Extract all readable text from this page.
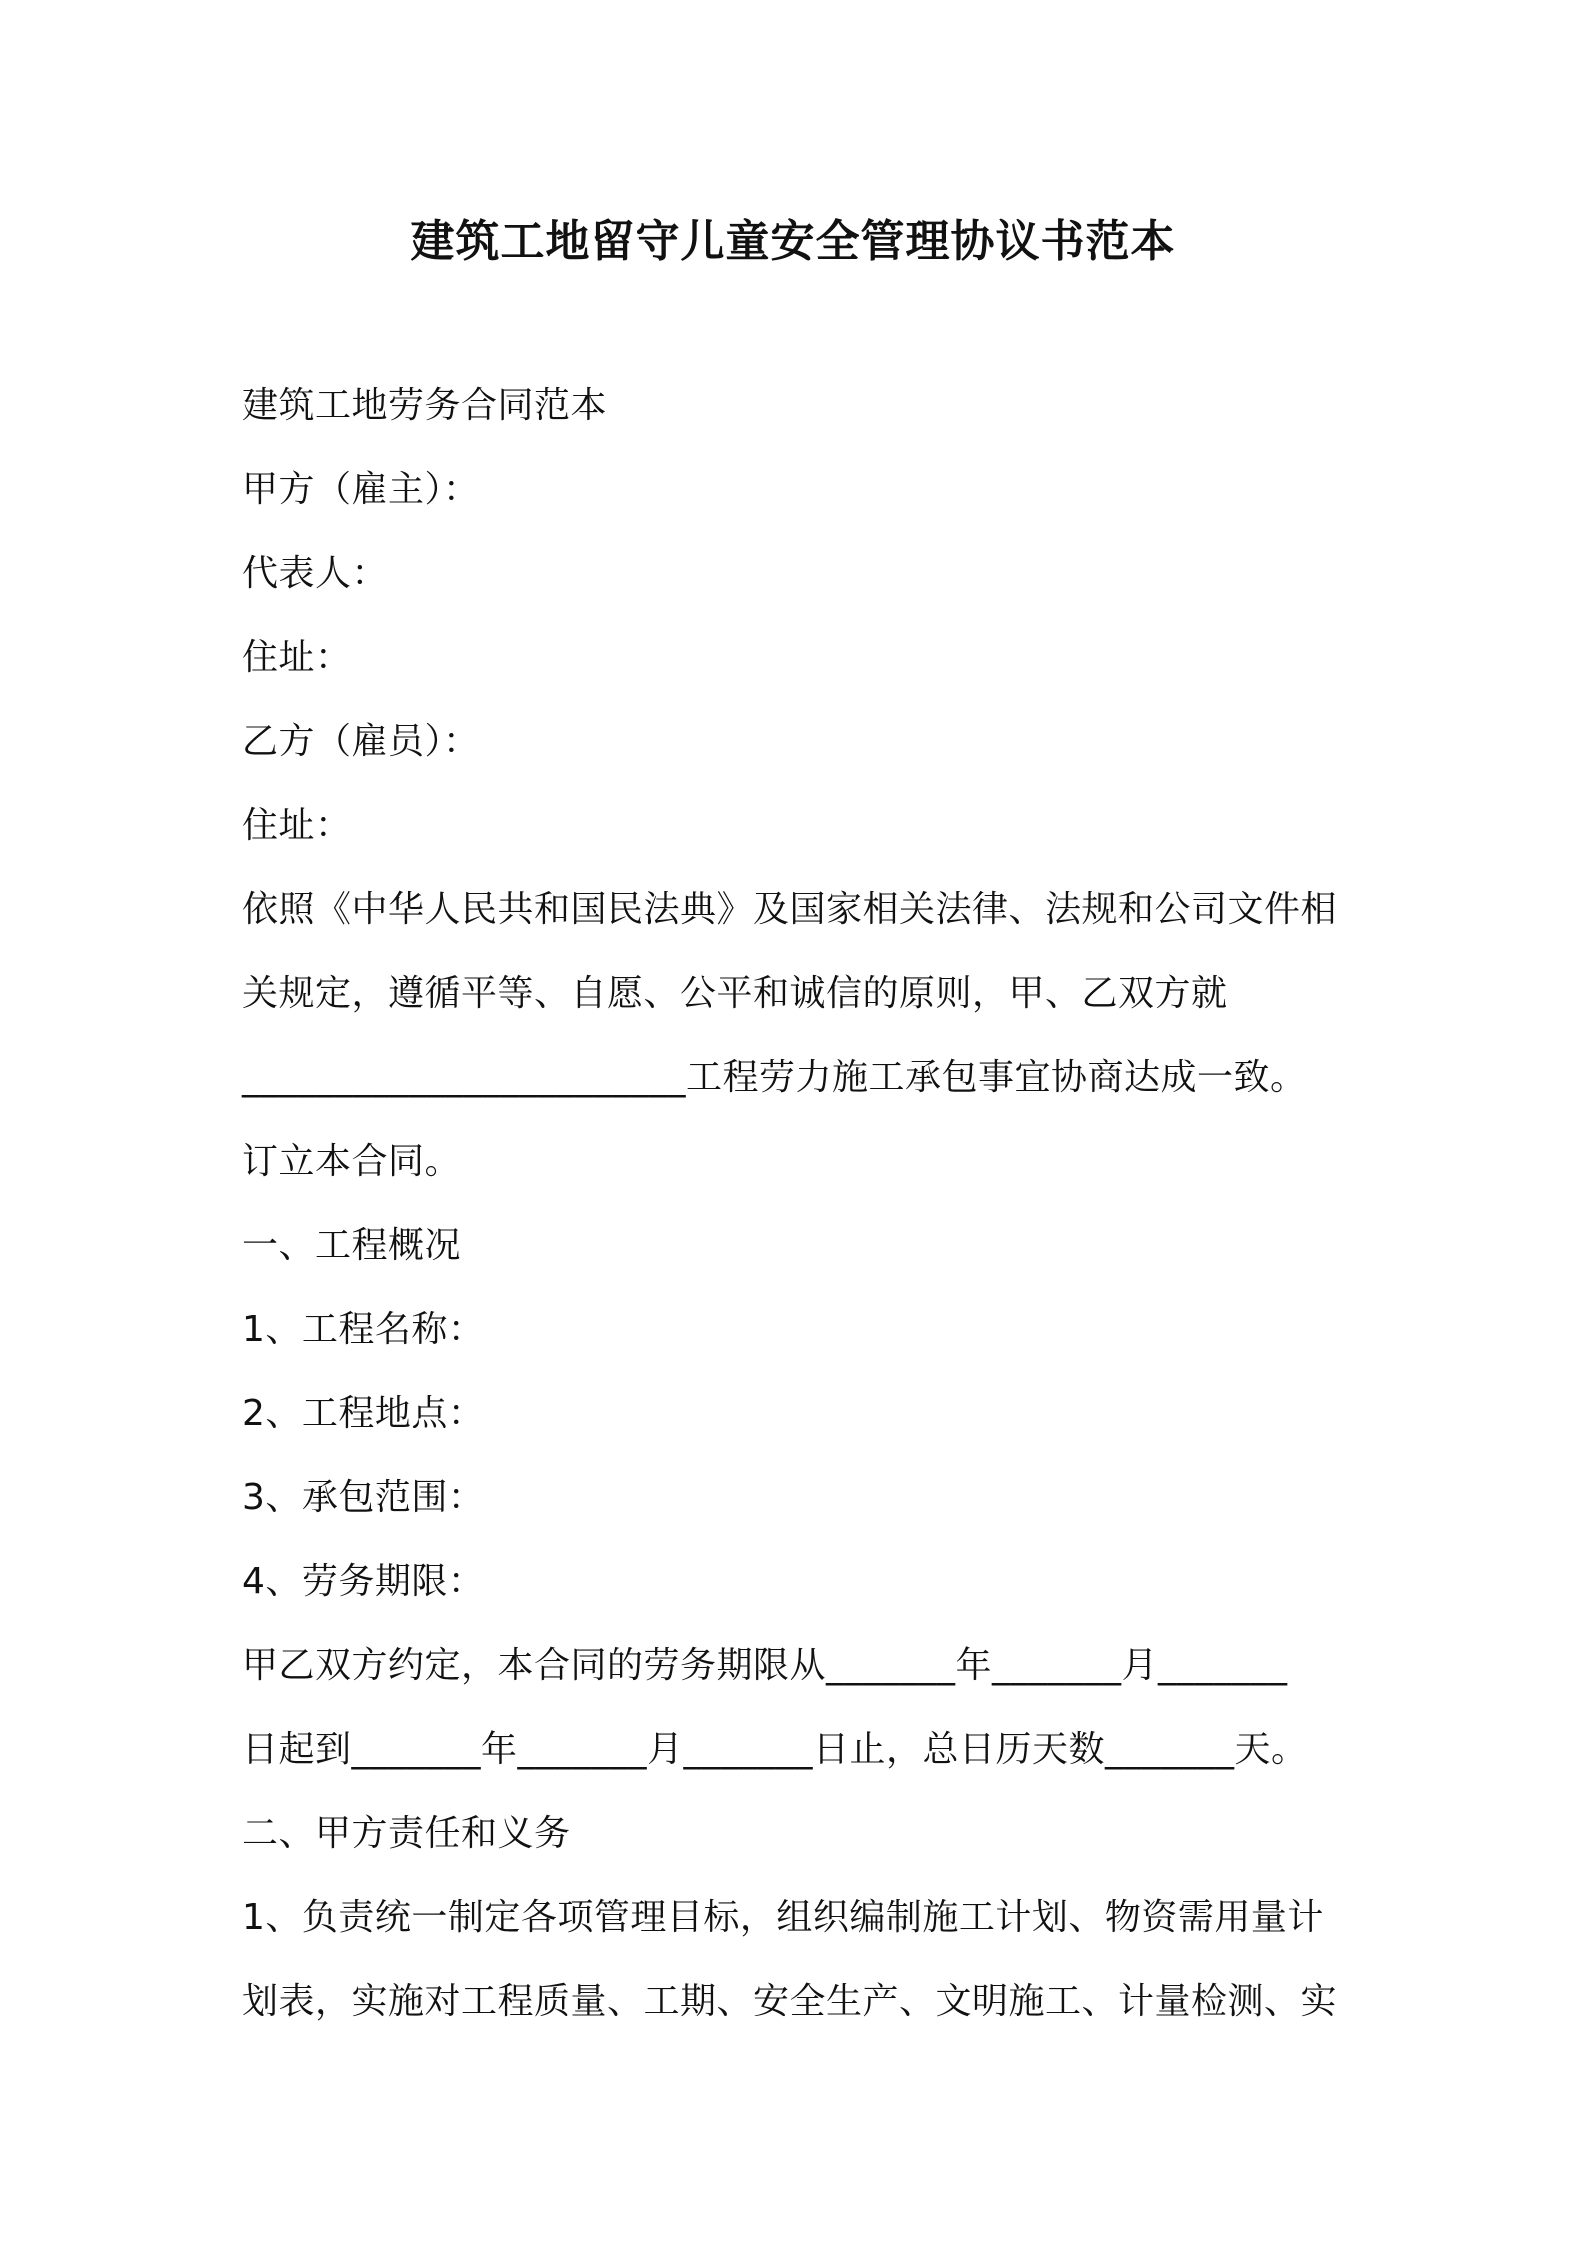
建筑工地留守儿童安全管理协议书范本
建筑工地劳务合同范本
甲方（雇主）：
代表人：
住址：
乙方（雇员）：
住址：
依照《中华人民共和国民法典》及国家相关法律、法规和公司文件相
关规定，遵循平等、自愿、公平和诚信的原则，甲、乙双方就
________________________工程劳力施工承包事宜协商达成一致。
订立本合同。
一、工程概况
1、工程名称：
2、工程地点：
3、承包范围：
4、劳务期限：
甲乙双方约定，本合同的劳务期限从_______年_______月_______
日起到_______年_______月_______日止，总日历天数_______天。
二、甲方责任和义务
1、负责统一制定各项管理目标，组织编制施工计划、物资需用量计
划表，实施对工程质量、工期、安全生产、文明施工、计量检测、实
